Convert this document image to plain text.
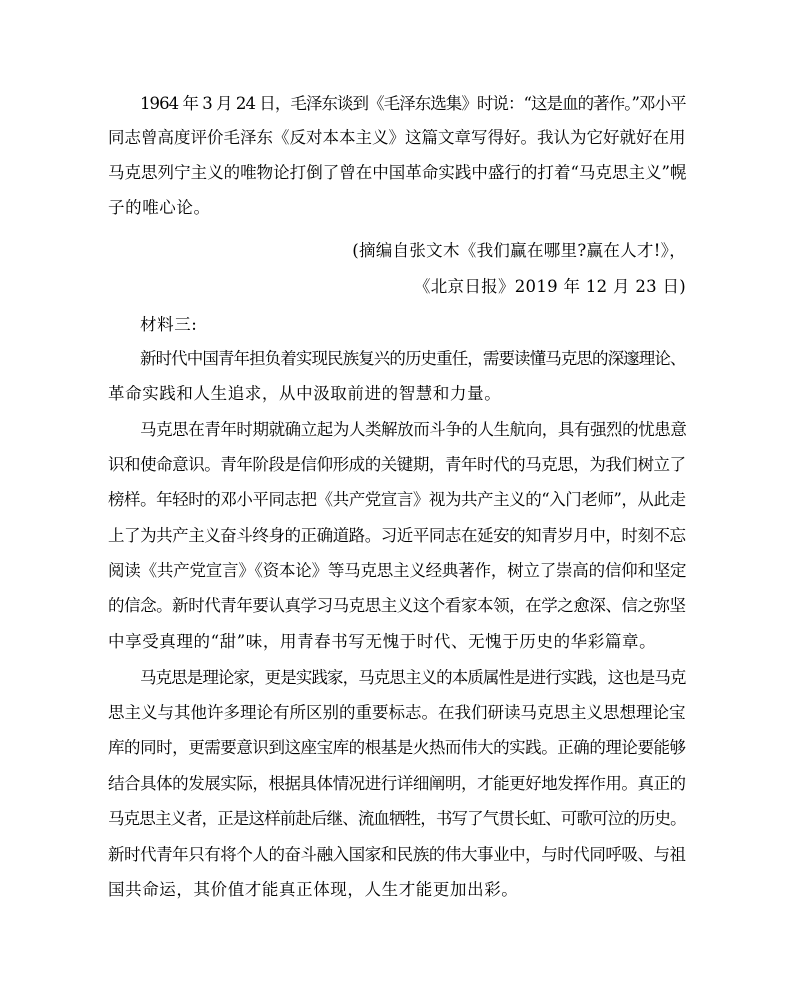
1964 年 3 月 24 日，毛泽东谈到《毛泽东选集》时说：“这是血的著作。”邓小平
同志曾高度评价毛泽东《反对本本主义》这篇文章写得好。我认为它好就好在用
马克思列宁主义的唯物论打倒了曾在中国革命实践中盛行的打着“马克思主义”幌
子的唯心论。
(摘编自张文木《我们赢在哪里?赢在人才!》，
《北京日报》2019 年 12 月 23 日)
材料三:
新时代中国青年担负着实现民族复兴的历史重任，需要读懂马克思的深邃理论、
革命实践和人生追求，从中汲取前进的智慧和力量。
马克思在青年时期就确立起为人类解放而斗争的人生航向，具有强烈的忧患意
识和使命意识。青年阶段是信仰形成的关键期，青年时代的马克思，为我们树立了
榜样。年轻时的邓小平同志把《共产党宣言》视为共产主义的“入门老师”，从此走
上了为共产主义奋斗终身的正确道路。习近平同志在延安的知青岁月中，时刻不忘
阅读《共产党宣言》《资本论》等马克思主义经典著作，树立了崇高的信仰和坚定
的信念。新时代青年要认真学习马克思主义这个看家本领，在学之愈深、信之弥坚
中享受真理的“甜”味，用青春书写无愧于时代、无愧于历史的华彩篇章。
马克思是理论家，更是实践家，马克思主义的本质属性是进行实践，这也是马克
思主义与其他许多理论有所区别的重要标志。在我们研读马克思主义思想理论宝
库的同时，更需要意识到这座宝库的根基是火热而伟大的实践。正确的理论要能够
结合具体的发展实际，根据具体情况进行详细阐明，才能更好地发挥作用。真正的
马克思主义者，正是这样前赴后继、流血牺牲，书写了气贯长虹、可歌可泣的历史。
新时代青年只有将个人的奋斗融入国家和民族的伟大事业中，与时代同呼吸、与祖
国共命运，其价值才能真正体现，人生才能更加出彩。
